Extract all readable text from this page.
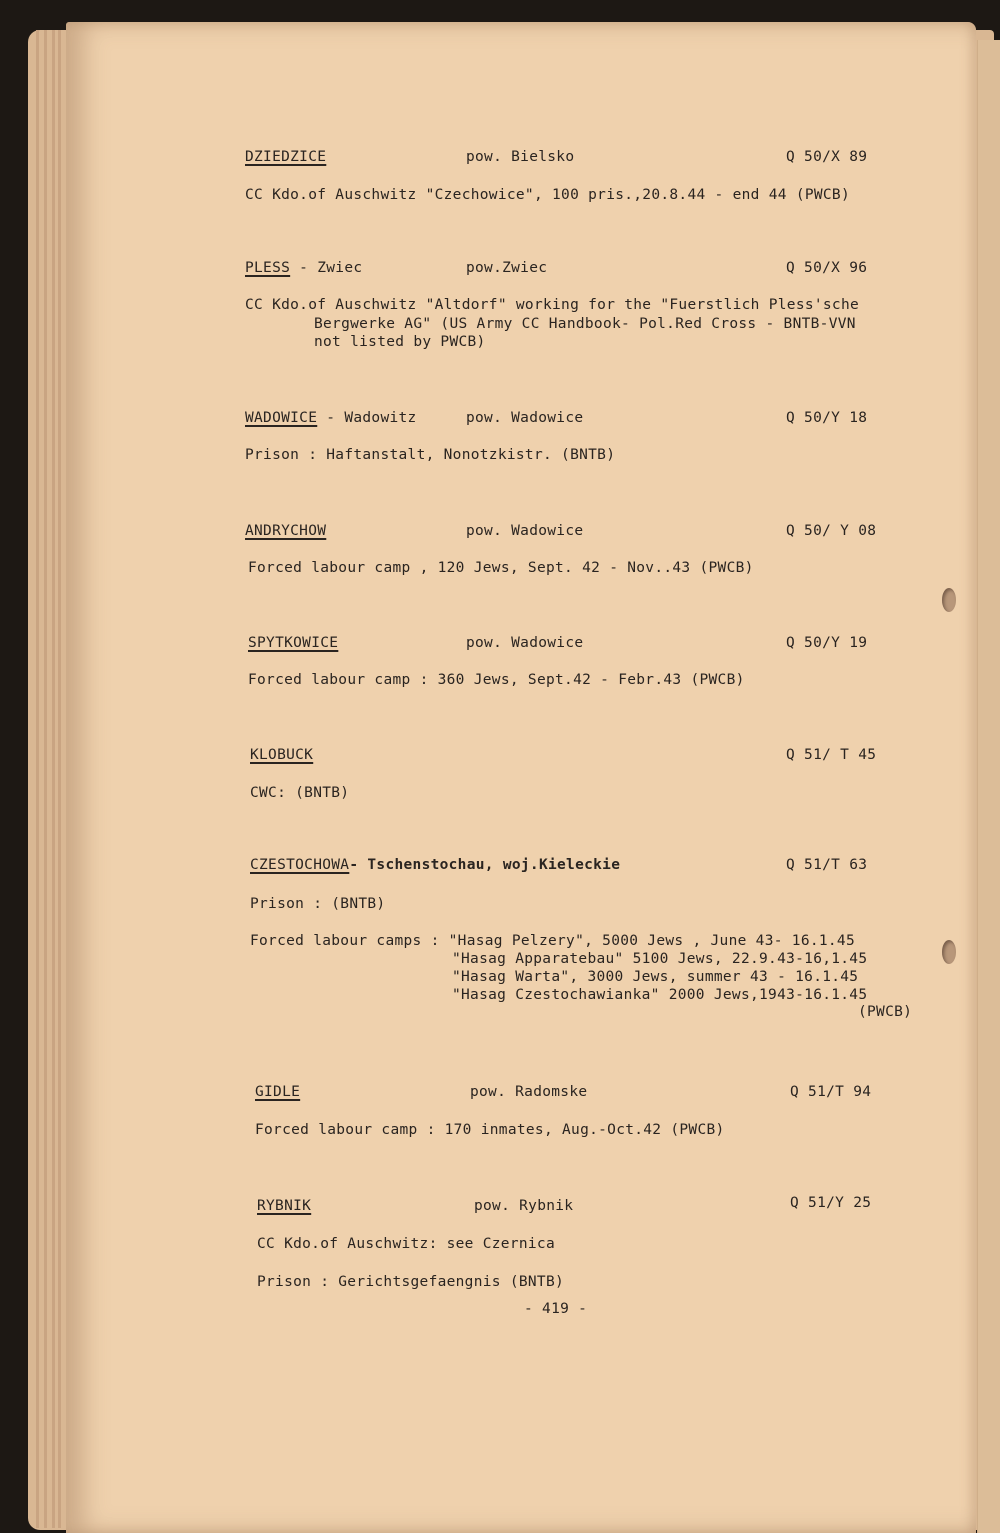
DZIEDZICE	pow. Bielsko	Q 50/X 89
CC Kdo.of Auschwitz "Czechowice", 100 pris.,20.8.44 - end 44 (PWCB)
PLESS - Zwiec	pow.Zwiec	Q 50/X 96
CC Kdo.of Auschwitz "Altdorf" working for the "Fuerstlich Pless'sche
Bergwerke AG" (US Army CC Handbook- Pol.Red Cross - BNTB-VVN
not listed by PWCB)
WADOWICE - Wadowitz	pow. Wadowice	Q 50/Y 18
Prison : Haftanstalt, Nonotzkistr. (BNTB)
ANDRYCHOW	pow. Wadowice	Q 50/ Y 08
Forced labour camp , 120 Jews, Sept. 42 - Nov..43 (PWCB)
SPYTKOWICE	pow. Wadowice	Q 50/Y 19
Forced labour camp : 360 Jews, Sept.42 - Febr.43 (PWCB)
KLOBUCK	Q 51/ T 45
CWC: (BNTB)
CZESTOCHOWA- Tschenstochau, woj.Kieleckie	Q 51/T 63
Prison : (BNTB)
Forced labour camps : "Hasag Pelzery", 5000 Jews , June 43- 16.1.45
"Hasag Apparatebau" 5100 Jews, 22.9.43-16,1.45
"Hasag Warta", 3000 Jews, summer 43 - 16.1.45
"Hasag Czestochawianka" 2000 Jews,1943-16.1.45
(PWCB)
GIDLE	pow. Radomske	Q 51/T 94
Forced labour camp : 170 inmates, Aug.-Oct.42 (PWCB)
RYBNIK	pow. Rybnik	Q 51/Y 25
CC Kdo.of Auschwitz: see Czernica
Prison : Gerichtsgefaengnis (BNTB)
- 419 -
